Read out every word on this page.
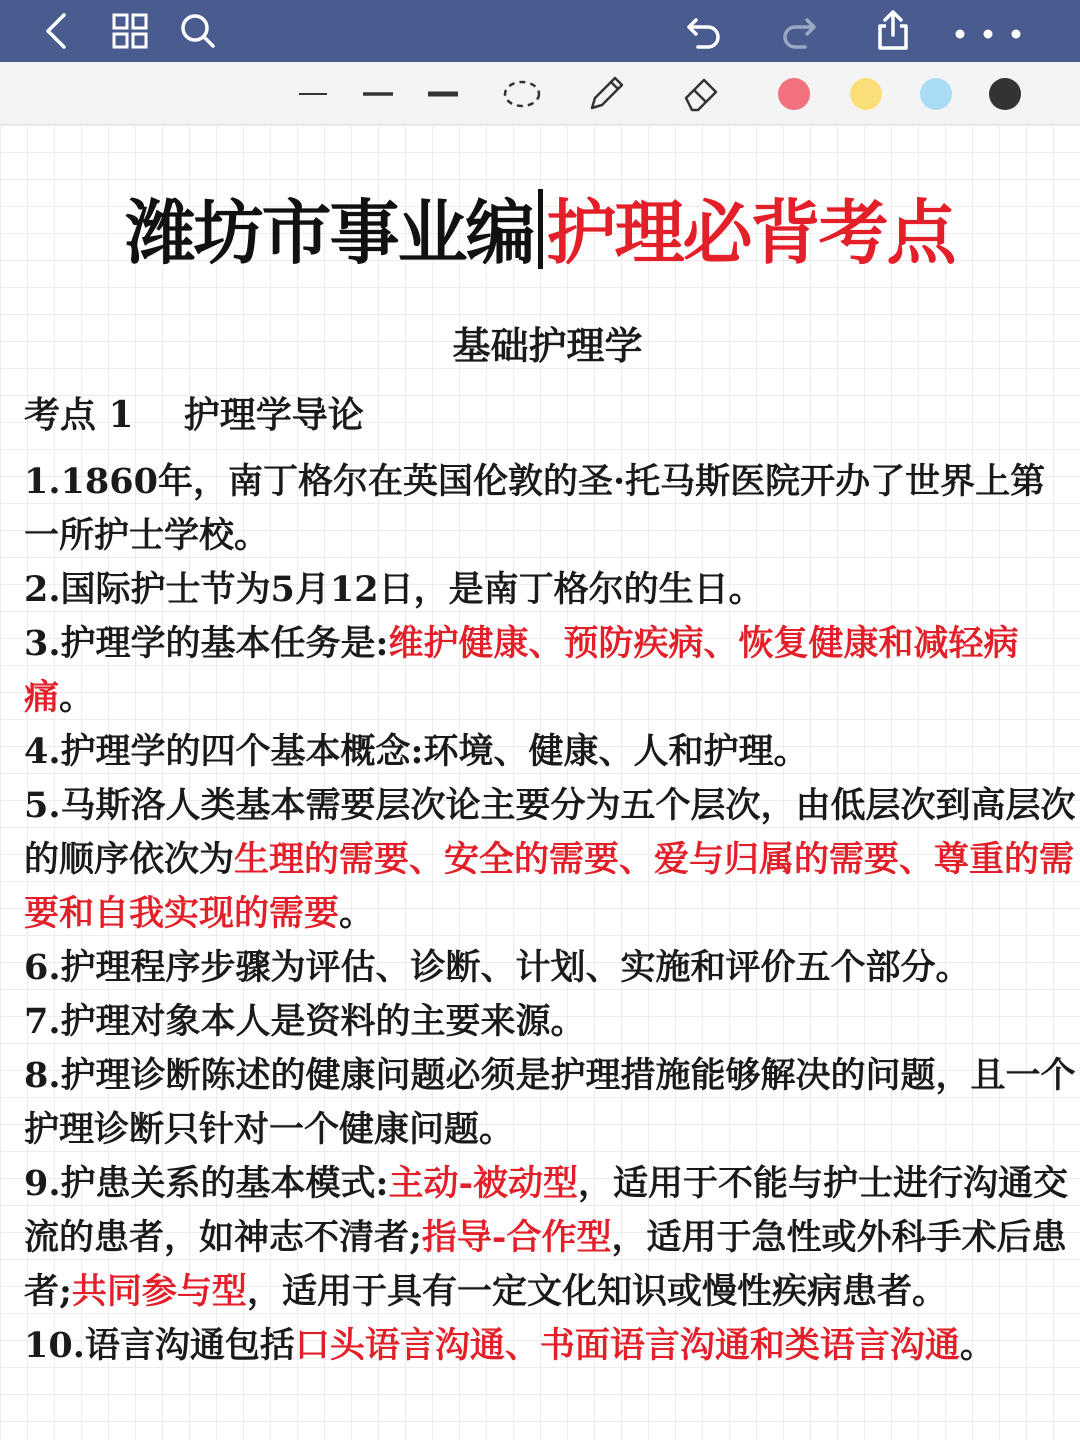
潍坊市事业编 护理必背考点
基础护理学
考点 1    护理学导论

1.1860年，南丁格尔在英国伦敦的圣·托马斯医院开办了世界上第一所护士学校。

2.国际护士节为5月12日，是南丁格尔的生日。

3.护理学的基本任务是:维护健康、预防疾病、恢复健康和减轻病痛。

4.护理学的四个基本概念:环境、健康、人和护理。

5.马斯洛人类基本需要层次论主要分为五个层次，由低层次到高层次的顺序依次为生理的需要、安全的需要、爱与归属的需要、尊重的需要和自我实现的需要。

6.护理程序步骤为评估、诊断、计划、实施和评价五个部分。

7.护理对象本人是资料的主要来源。

8.护理诊断陈述的健康问题必须是护理措施能够解决的问题，且一个护理诊断只针对一个健康问题。

9.护患关系的基本模式:主动-被动型，适用于不能与护士进行沟通交流的患者，如神志不清者;指导-合作型，适用于急性或外科手术后患者;共同参与型，适用于具有一定文化知识或慢性疾病患者。

10.语言沟通包括口头语言沟通、书面语言沟通和类语言沟通。
